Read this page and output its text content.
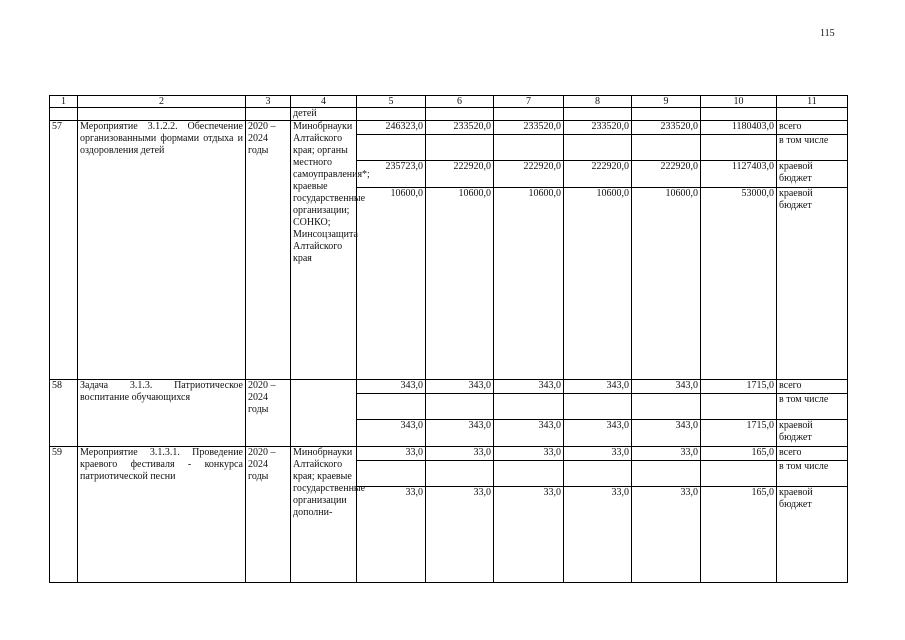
115
1	2	3	4	5	6	7	8	9	10	11
			детей							
57	Мероприятие 3.1.2.2. Обеспечение организованными формами отдыха и оздоровления детей	2020 – 2024 годы	Минобрнауки Алтайского края; органы местного самоуправления*; краевые государственные организации; СОНКО; Минсоцзащита Алтайского края	246323,0	233520,0	233520,0	233520,0	233520,0	1180403,0	всего
										в том числе
				235723,0	222920,0	222920,0	222920,0	222920,0	1127403,0	краевой бюджет
				10600,0	10600,0	10600,0	10600,0	10600,0	53000,0	краевой бюджет
58	Задача 3.1.3. Патриотическое воспитание обучающихся	2020 – 2024 годы		343,0	343,0	343,0	343,0	343,0	1715,0	всего
										в том числе
				343,0	343,0	343,0	343,0	343,0	1715,0	краевой бюджет
59	Мероприятие 3.1.3.1. Проведение краевого фестиваля - конкурса патриотической песни	2020 – 2024 годы	Минобрнауки Алтайского края; краевые государственные организации дополни-	33,0	33,0	33,0	33,0	33,0	165,0	всего
										в том числе
				33,0	33,0	33,0	33,0	33,0	165,0	краевой бюджет
